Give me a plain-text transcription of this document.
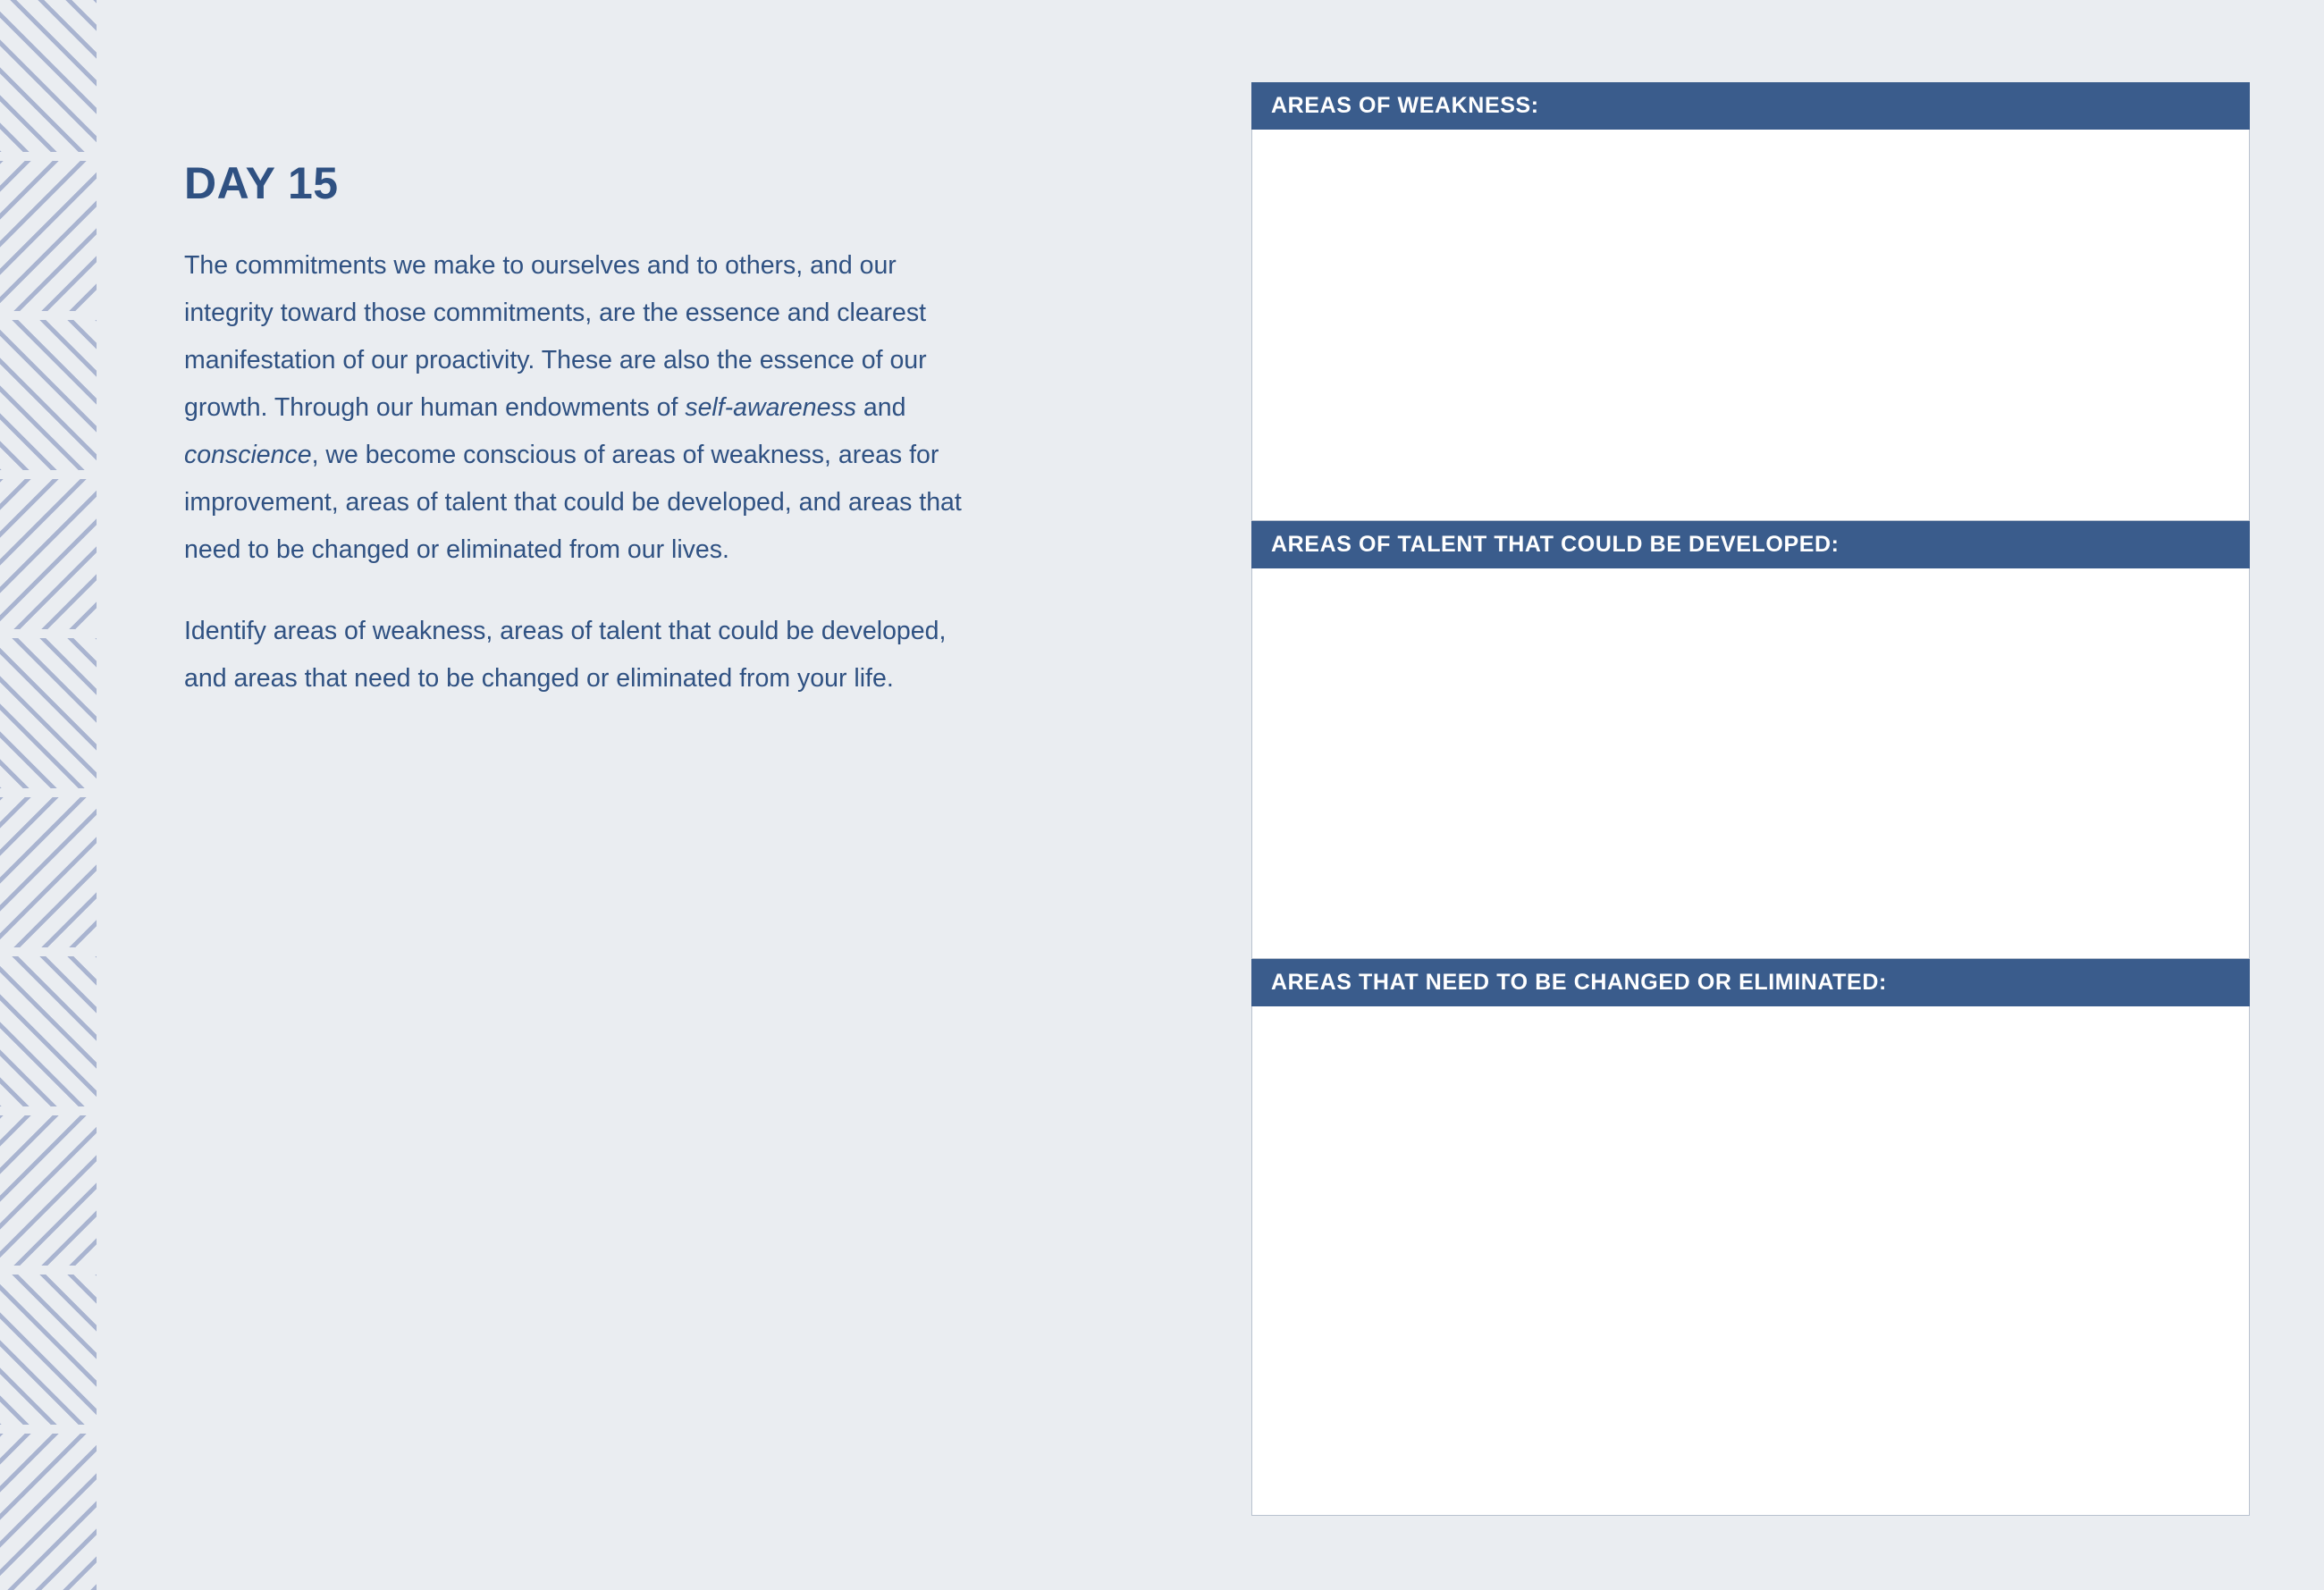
DAY 15

The commitments we make to ourselves and to others, and our integrity toward those commitments, are the essence and clearest manifestation of our proactivity. These are also the essence of our growth. Through our human endowments of self-awareness and conscience, we become conscious of areas of weakness, areas for improvement, areas of talent that could be developed, and areas that need to be changed or eliminated from our lives.

Identify areas of weakness, areas of talent that could be developed, and areas that need to be changed or eliminated from your life.

AREAS OF WEAKNESS:
AREAS OF TALENT THAT COULD BE DEVELOPED:
AREAS THAT NEED TO BE CHANGED OR ELIMINATED:
